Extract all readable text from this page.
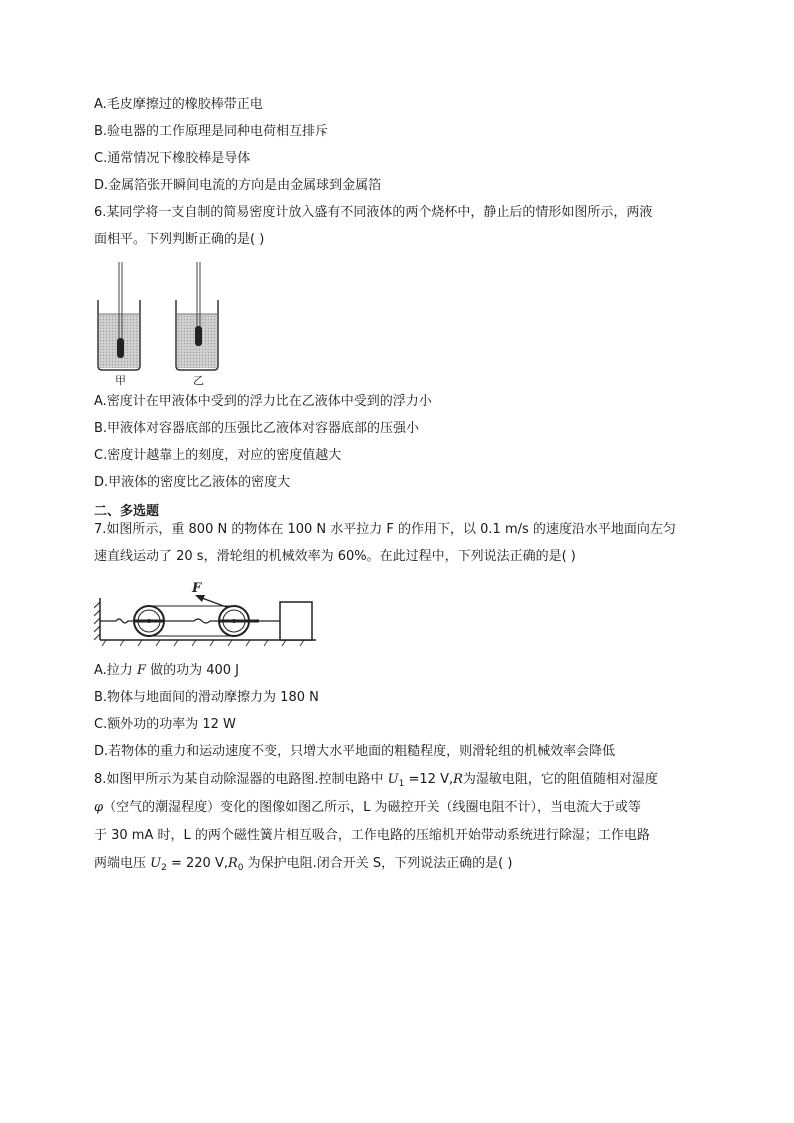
A.毛皮摩擦过的橡胶棒带正电
B.验电器的工作原理是同种电荷相互排斥
C.通常情况下橡胶棒是导体
D.金属箔张开瞬间电流的方向是由金属球到金属箔
6.某同学将一支自制的简易密度计放入盛有不同液体的两个烧杯中，静止后的情形如图所示，两液
面相平。下列判断正确的是( )
甲	乙
A.密度计在甲液体中受到的浮力比在乙液体中受到的浮力小
B.甲液体对容器底部的压强比乙液体对容器底部的压强小
C.密度计越靠上的刻度，对应的密度值越大
D.甲液体的密度比乙液体的密度大
二、多选题
7.如图所示，重 800 N 的物体在 100 N 水平拉力 F 的作用下，以 0.1 m/s 的速度沿水平地面向左匀
速直线运动了 20 s，滑轮组的机械效率为 60%。在此过程中，下列说法正确的是( )
F
A.拉力 F 做的功为 400 J
B.物体与地面间的滑动摩擦力为 180 N
C.额外功的功率为 12 W
D.若物体的重力和运动速度不变，只增大水平地面的粗糙程度，则滑轮组的机械效率会降低
8.如图甲所示为某自动除湿器的电路图.控制电路中 $U_1 =12$ V,R为湿敏电阻，它的阻值随相对湿度
φ（空气的潮湿程度）变化的图像如图乙所示，L 为磁控开关（线圈电阻不计），当电流大于或等
于 30 mA 时，L 的两个磁性簧片相互吸合，工作电路的压缩机开始带动系统进行除湿；工作电路
两端电压 $U_2 = 220$ $V,R_0$ 为保护电阻.闭合开关 S，下列说法正确的是( )
